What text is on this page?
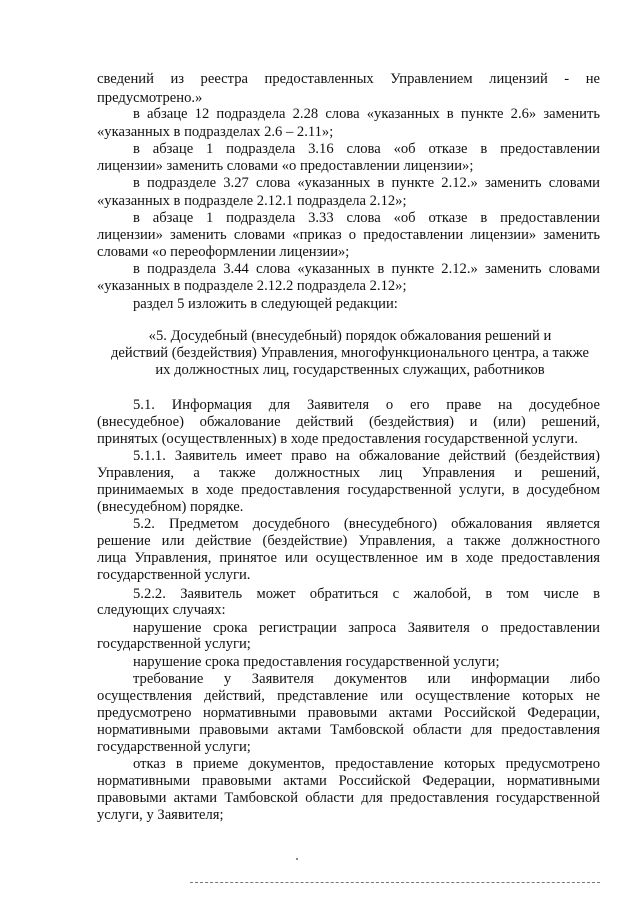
сведений из реестра предоставленных Управлением лицензий - не
предусмотрено.»
в абзаце 12 подраздела 2.28 слова «указанных в пункте 2.6» заменить
«указанных в подразделах 2.6 – 2.11»;
в абзаце 1 подраздела 3.16 слова «об отказе в предоставлении
лицензии» заменить словами «о предоставлении лицензии»;
в подразделе 3.27 слова «указанных в пункте 2.12.» заменить словами
«указанных в подразделе 2.12.1 подраздела 2.12»;
в абзаце 1 подраздела 3.33 слова «об отказе в предоставлении
лицензии» заменить словами «приказ о предоставлении лицензии» заменить
словами «о переоформлении лицензии»;
в подраздела 3.44 слова «указанных в пункте 2.12.» заменить словами
«указанных в подразделе 2.12.2 подраздела 2.12»;
раздел 5 изложить в следующей редакции:
«5. Досудебный (внесудебный) порядок обжалования решений и
действий (бездействия) Управления, многофункционального центра, а также
их должностных лиц, государственных служащих, работников
5.1. Информация для Заявителя о его праве на досудебное
(внесудебное) обжалование действий (бездействия) и (или) решений,
принятых (осуществленных) в ходе предоставления государственной услуги.
5.1.1. Заявитель имеет право на обжалование действий (бездействия)
Управления, а также должностных лиц Управления и решений,
принимаемых в ходе предоставления государственной услуги, в досудебном
(внесудебном) порядке.
5.2. Предметом досудебного (внесудебного) обжалования является
решение или действие (бездействие) Управления, а также должностного
лица Управления, принятое или осуществленное им в ходе предоставления
государственной услуги.
5.2.2. Заявитель может обратиться с жалобой, в том числе в
следующих случаях:
нарушение срока регистрации запроса Заявителя о предоставлении
государственной услуги;
нарушение срока предоставления государственной услуги;
требование у Заявителя документов или информации либо
осуществления действий, представление или осуществление которых не
предусмотрено нормативными правовыми актами Российской Федерации,
нормативными правовыми актами Тамбовской области для предоставления
государственной услуги;
отказ в приеме документов, предоставление которых предусмотрено
нормативными правовыми актами Российской Федерации, нормативными
правовыми актами Тамбовской области для предоставления государственной
услуги, у Заявителя;
